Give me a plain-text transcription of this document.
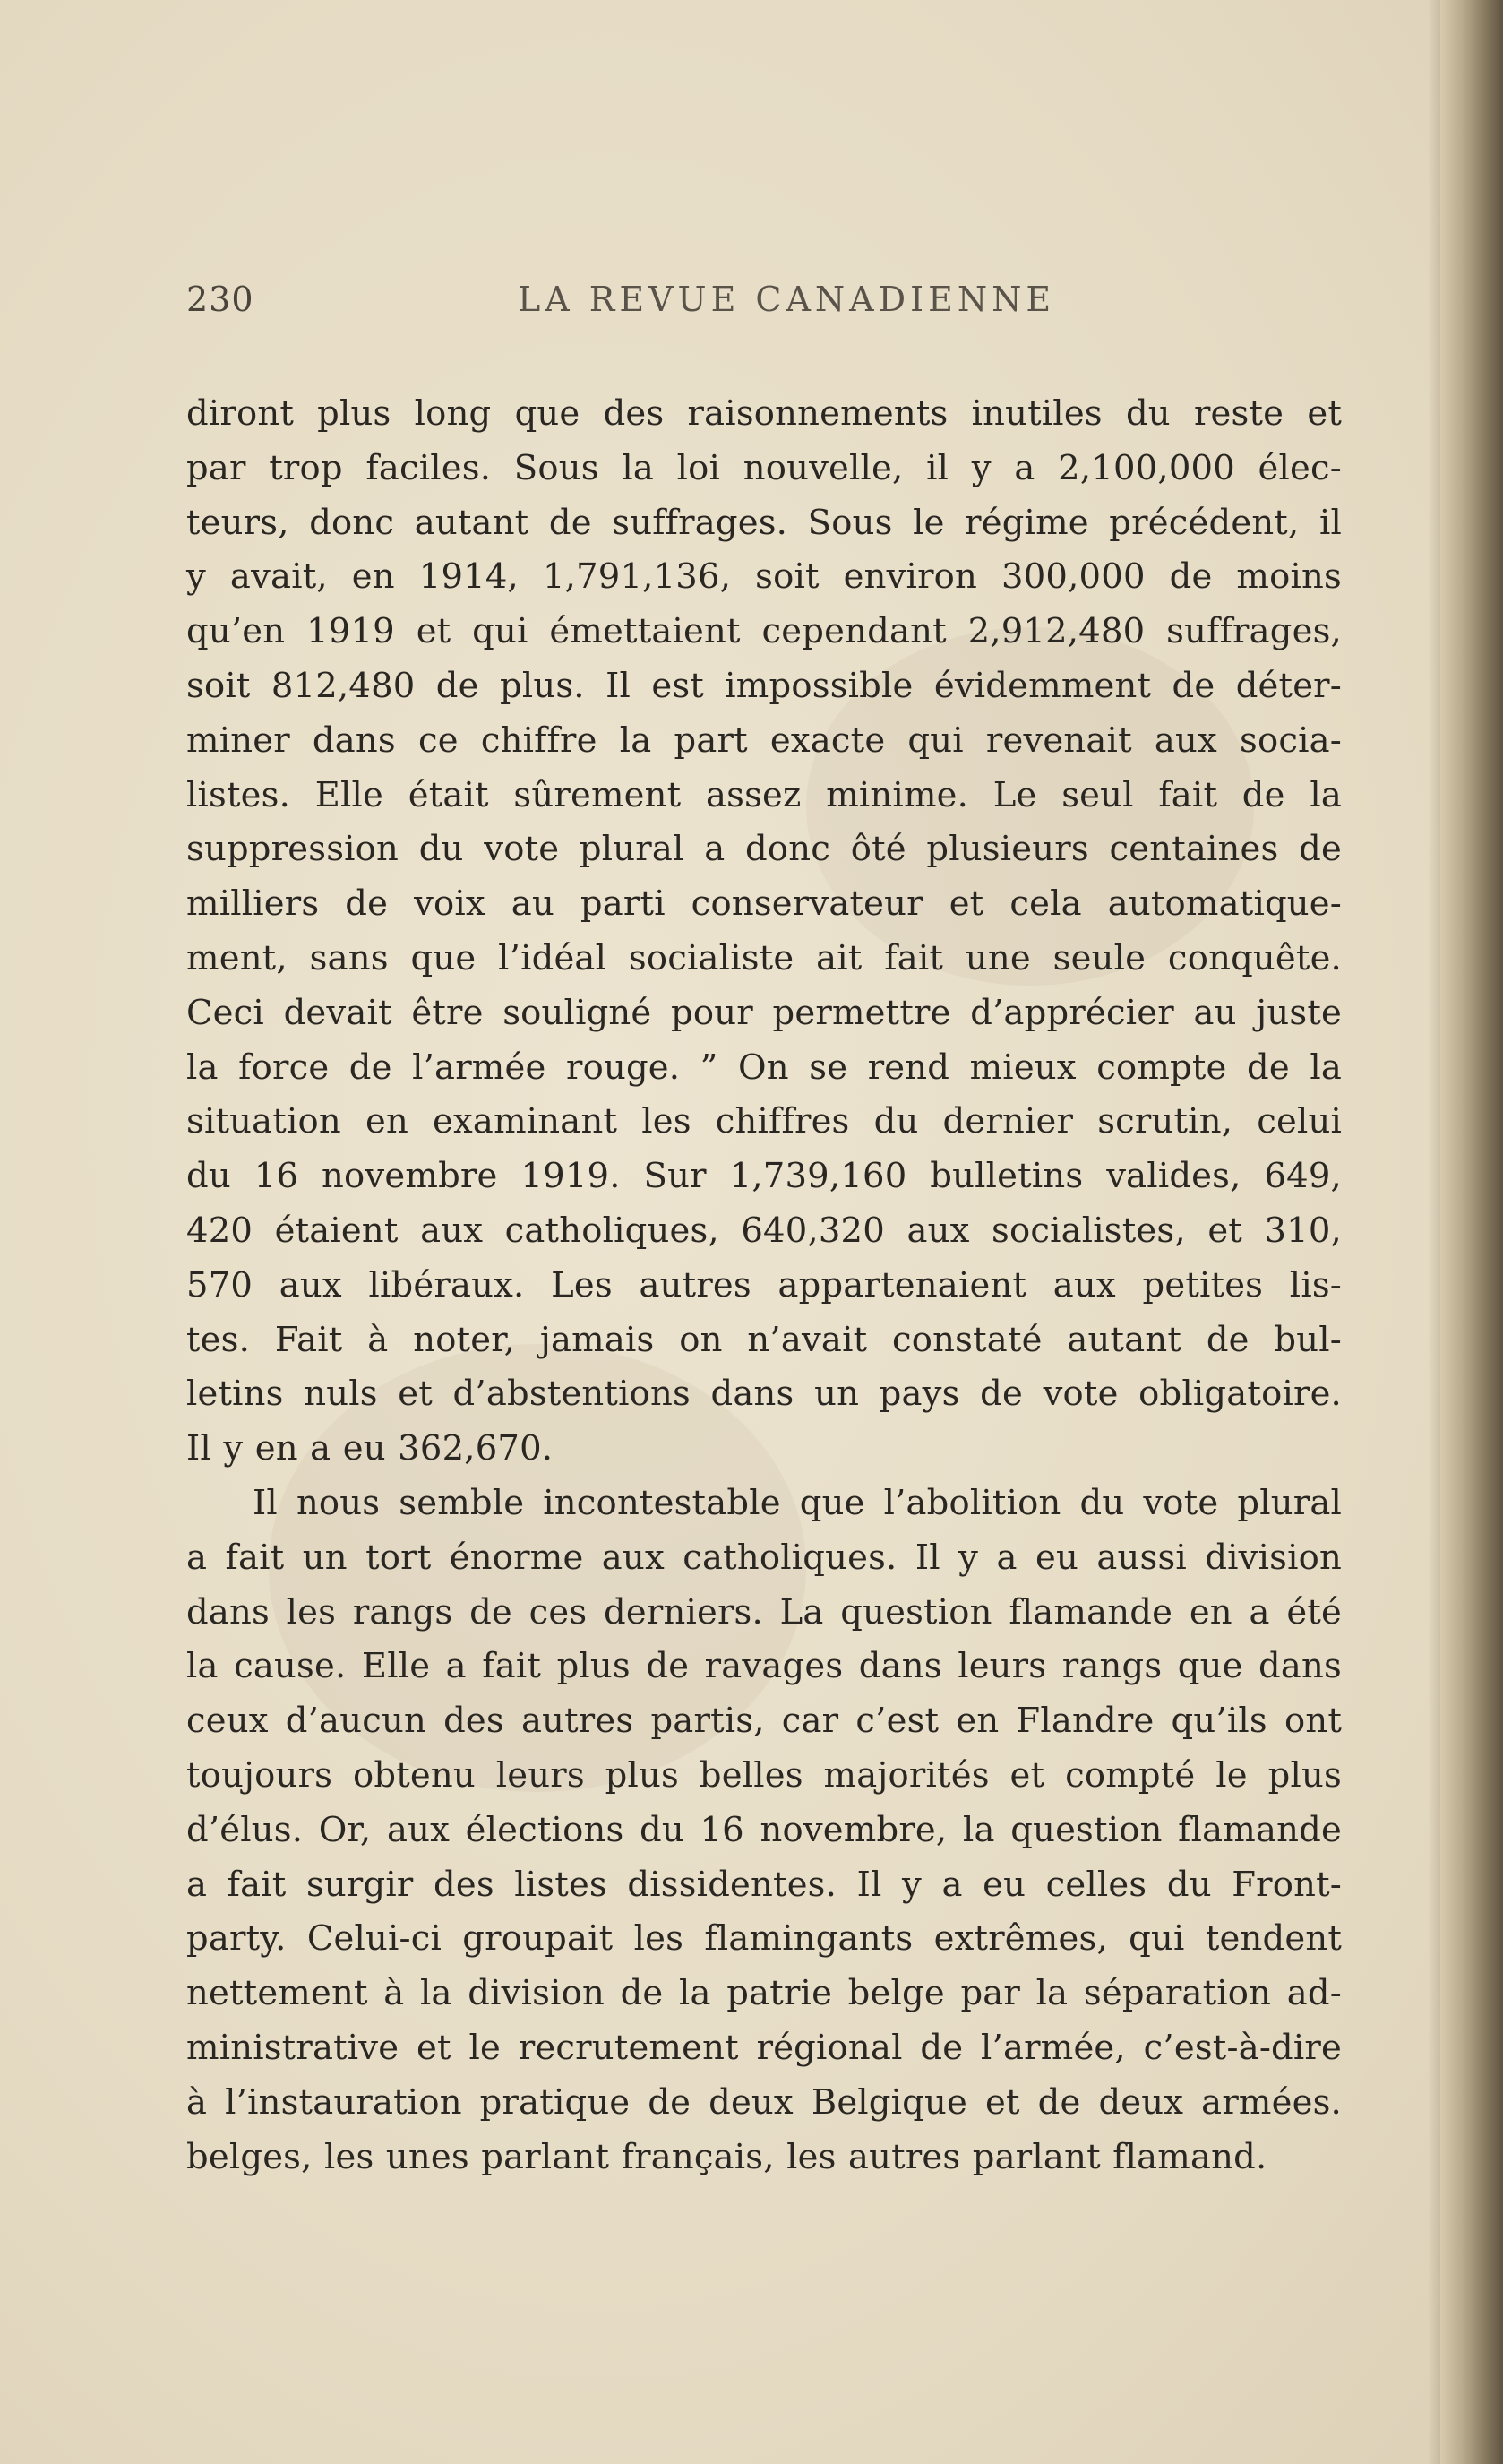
230	LA REVUE CANADIENNE
diront plus long que des raisonnements inutiles du reste et
par trop faciles. Sous la loi nouvelle, il y a 2,100,000 élec-
teurs, donc autant de suffrages. Sous le régime précédent, il
y avait, en 1914, 1,791,136, soit environ 300,000 de moins
qu’en 1919 et qui émettaient cependant 2,912,480 suffrages,
soit 812,480 de plus. Il est impossible évidemment de déter-
miner dans ce chiffre la part exacte qui revenait aux socia-
listes. Elle était sûrement assez minime. Le seul fait de la
suppression du vote plural a donc ôté plusieurs centaines de
milliers de voix au parti conservateur et cela automatique-
ment, sans que l’idéal socialiste ait fait une seule conquête.
Ceci devait être souligné pour permettre d’apprécier au juste
la force de l’armée rouge. ” On se rend mieux compte de la
situation en examinant les chiffres du dernier scrutin, celui
du 16 novembre 1919. Sur 1,739,160 bulletins valides, 649,
420 étaient aux catholiques, 640,320 aux socialistes, et 310,
570 aux libéraux. Les autres appartenaient aux petites lis-
tes. Fait à noter, jamais on n’avait constaté autant de bul-
letins nuls et d’abstentions dans un pays de vote obligatoire.
Il y en a eu 362,670.
Il nous semble incontestable que l’abolition du vote plural
a fait un tort énorme aux catholiques. Il y a eu aussi division
dans les rangs de ces derniers. La question flamande en a été
la cause. Elle a fait plus de ravages dans leurs rangs que dans
ceux d’aucun des autres partis, car c’est en Flandre qu’ils ont
toujours obtenu leurs plus belles majorités et compté le plus
d’élus. Or, aux élections du 16 novembre, la question flamande
a fait surgir des listes dissidentes. Il y a eu celles du Front-
party. Celui-ci groupait les flamingants extrêmes, qui tendent
nettement à la division de la patrie belge par la séparation ad-
ministrative et le recrutement régional de l’armée, c’est-à-dire
à l’instauration pratique de deux Belgique et de deux armées.
belges, les unes parlant français, les autres parlant flamand.
